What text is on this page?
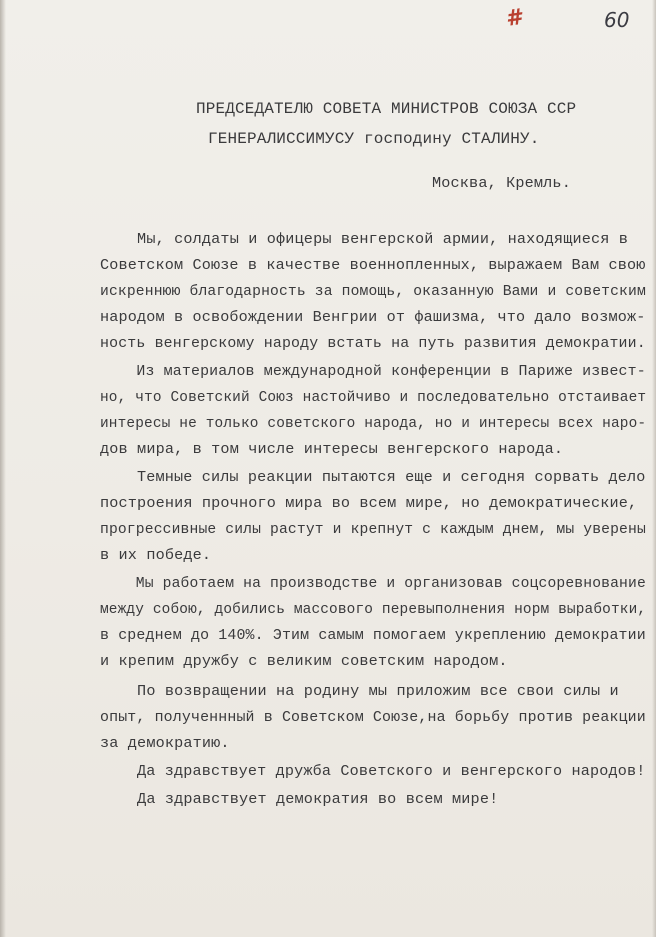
#	60
ПРЕДСЕДАТЕЛЮ СОВЕТА МИНИСТРОВ СОЮЗА ССР
ГЕНЕРАЛИССИМУСУ господину СТАЛИНУ.
Москва, Кремль.
Мы, солдаты и офицеры венгерской армии, находящиеся в
Советском Союзе в качестве военнопленных, выражаем Вам свою
искреннюю благодарность за помощь, оказанную Вами и советским
народом в освобождении Венгрии от фашизма, что дало возмож-
ность венгерскому народу встать на путь развития демократии.
Из материалов международной конференции в Париже извест-
но, что Советский Союз настойчиво и последовательно отстаивает
интересы не только советского народа, но и интересы всех наро-
дов мира, в том числе интересы венгерского народа.
Темные силы реакции пытаются еще и сегодня сорвать дело
построения прочного мира во всем мире, но демократические,
прогрессивные силы растут и крепнут с каждым днем, мы уверены
в их победе.
Мы работаем на производстве и организовав соцсоревнование
между собою, добились массового перевыполнения норм выработки,
в среднем до 140%. Этим самым помогаем укреплению демократии
и крепим дружбу с великим советским народом.
По возвращении на родину мы приложим все свои силы и
опыт, полученнный в Советском Союзе,на борьбу против реакции
за демократию.
Да здравствует дружба Советского и венгерского народов!
Да здравствует демократия во всем мире!
